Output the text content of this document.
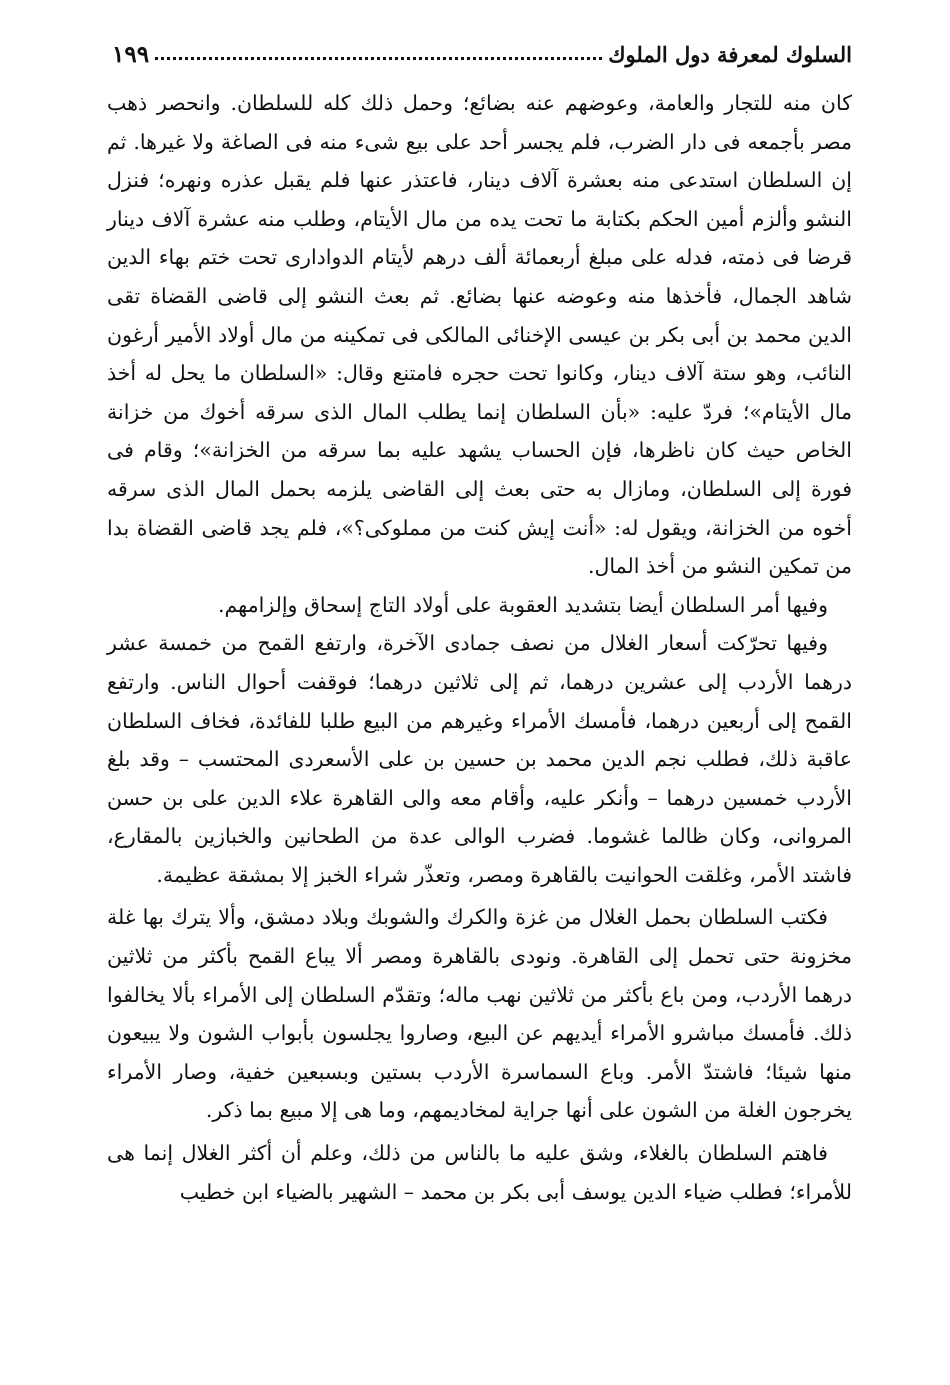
السلوك لمعرفة دول الملوك
١٩٩

كان منه للتجار والعامة، وعوضهم عنه بضائع؛ وحمل ذلك كله للسلطان. وانحصر ذهب مصر بأجمعه فى دار الضرب، فلم يجسر أحد على بيع شىء منه فى الصاغة ولا غيرها. ثم إن السلطان استدعى منه بعشرة آلاف دينار، فاعتذر عنها فلم يقبل عذره ونهره؛ فنزل النشو وألزم أمين الحكم بكتابة ما تحت يده من مال الأيتام، وطلب منه عشرة آلاف دينار قرضا فى ذمته، فدله على مبلغ أربعمائة ألف درهم لأيتام الدوادارى تحت ختم بهاء الدين شاهد الجمال، فأخذها منه وعوضه عنها بضائع. ثم بعث النشو إلى قاضى القضاة تقى الدين محمد بن أبى بكر بن عيسى الإخنائى المالكى فى تمكينه من مال أولاد الأمير أرغون النائب، وهو ستة آلاف دينار، وكانوا تحت حجره فامتنع وقال: «السلطان ما يحل له أخذ مال الأيتام»؛ فردّ عليه: «بأن السلطان إنما يطلب المال الذى سرقه أخوك من خزانة الخاص حيث كان ناظرها، فإن الحساب يشهد عليه بما سرقه من الخزانة»؛ وقام فى فورة إلى السلطان، ومازال به حتى بعث إلى القاضى يلزمه بحمل المال الذى سرقه أخوه من الخزانة، ويقول له: «أنت إيش كنت من مملوكى؟»، فلم يجد قاضى القضاة بدا من تمكين النشو من أخذ المال.

وفيها أمر السلطان أيضا بتشديد العقوبة على أولاد التاج إسحاق وإلزامهم.

وفيها تحرّكت أسعار الغلال من نصف جمادى الآخرة، وارتفع القمح من خمسة عشر درهما الأردب إلى عشرين درهما، ثم إلى ثلاثين درهما؛ فوقفت أحوال الناس. وارتفع القمح إلى أربعين درهما، فأمسك الأمراء وغيرهم من البيع طلبا للفائدة، فخاف السلطان عاقبة ذلك، فطلب نجم الدين محمد بن حسين بن على الأسعردى المحتسب – وقد بلغ الأردب خمسين درهما – وأنكر عليه، وأقام معه والى القاهرة علاء الدين على بن حسن المروانى، وكان ظالما غشوما. فضرب الوالى عدة من الطحانين والخبازين بالمقارع، فاشتد الأمر، وغلقت الحوانيت بالقاهرة ومصر، وتعذّر شراء الخبز إلا بمشقة عظيمة.

فكتب السلطان بحمل الغلال من غزة والكرك والشوبك وبلاد دمشق، وألا يترك بها غلة مخزونة حتى تحمل إلى القاهرة. ونودى بالقاهرة ومصر ألا يباع القمح بأكثر من ثلاثين درهما الأردب، ومن باع بأكثر من ثلاثين نهب ماله؛ وتقدّم السلطان إلى الأمراء بألا يخالفوا ذلك. فأمسك مباشرو الأمراء أيديهم عن البيع، وصاروا يجلسون بأبواب الشون ولا يبيعون منها شيئا؛ فاشتدّ الأمر. وباع السماسرة الأردب بستين وبسبعين خفية، وصار الأمراء يخرجون الغلة من الشون على أنها جراية لمخاديمهم، وما هى إلا مبيع بما ذكر.

فاهتم السلطان بالغلاء، وشق عليه ما بالناس من ذلك، وعلم أن أكثر الغلال إنما هى للأمراء؛ فطلب ضياء الدين يوسف أبى بكر بن محمد – الشهير بالضياء ابن خطيب
